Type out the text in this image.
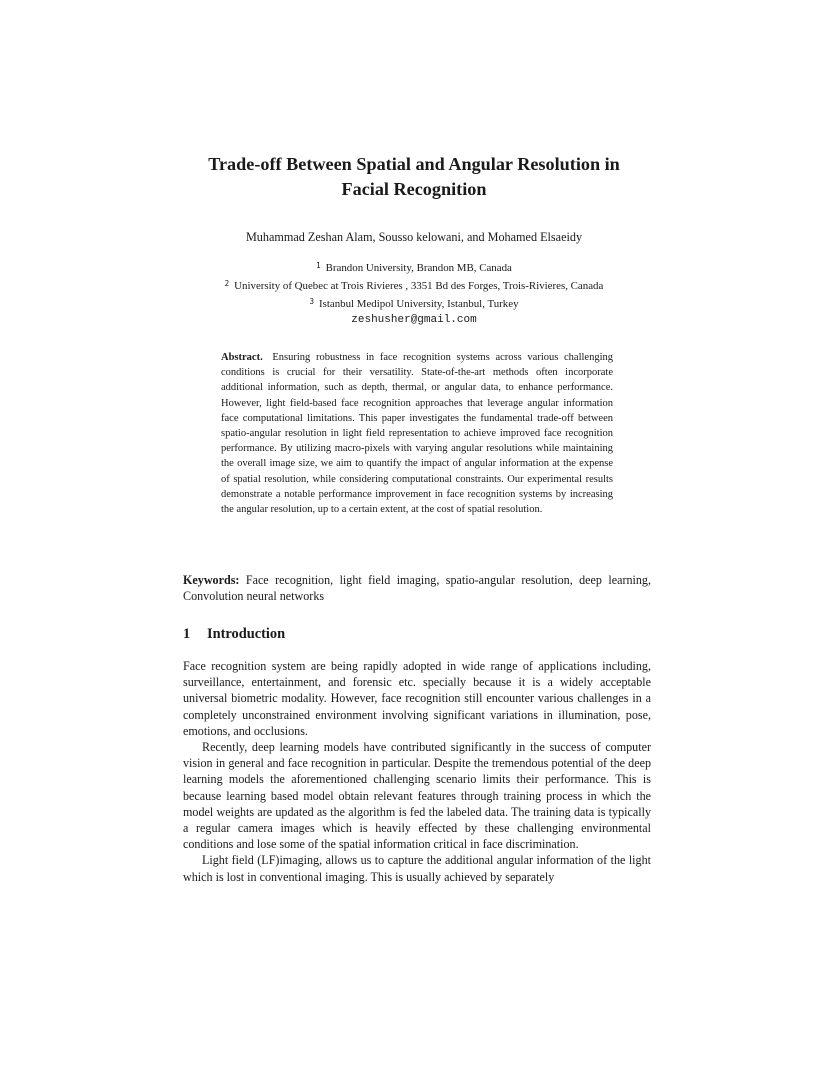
Trade-off Between Spatial and Angular Resolution in
Facial Recognition
Muhammad Zeshan Alam, Sousso kelowani, and Mohamed Elsaeidy
$^1$ Brandon University, Brandon MB, Canada
$^2$ University of Quebec at Trois Rivieres , 3351 Bd des Forges, Trois-Rivieres, Canada
$^3$ Istanbul Medipol University, Istanbul, Turkey
zeshusher@gmail.com
Abstract. Ensuring robustness in face recognition systems across various challenging conditions is crucial for their versatility. State-of-the-art methods often incorporate additional information, such as depth, thermal, or angular data, to enhance performance. However, light field-based face recognition approaches that leverage angular information face computational limitations. This paper investigates the fundamental trade-off between spatio-angular resolution in light field representation to achieve improved face recognition performance. By utilizing macro-pixels with varying angular resolutions while maintaining the overall image size, we aim to quantify the impact of angular information at the expense of spatial resolution, while considering computational constraints. Our experimental results demonstrate a notable performance improvement in face recognition systems by increasing the angular resolution, up to a certain extent, at the cost of spatial resolution.
Keywords: Face recognition, light field imaging, spatio-angular resolution, deep learning, Convolution neural networks
1 Introduction

Face recognition system are being rapidly adopted in wide range of applications including, surveillance, entertainment, and forensic etc. specially because it is a widely acceptable universal biometric modality. However, face recognition still encounter various challenges in a completely unconstrained environment involving significant variations in illumination, pose, emotions, and occlusions.

Recently, deep learning models have contributed significantly in the success of computer vision in general and face recognition in particular. Despite the tremendous potential of the deep learning models the aforementioned challenging scenario limits their performance. This is because learning based model obtain relevant features through training process in which the model weights are updated as the algorithm is fed the labeled data. The training data is typically a regular camera images which is heavily effected by these challenging environmental conditions and lose some of the spatial information critical in face discrimination.

Light field (LF)imaging, allows us to capture the additional angular information of the light which is lost in conventional imaging. This is usually achieved by separately
